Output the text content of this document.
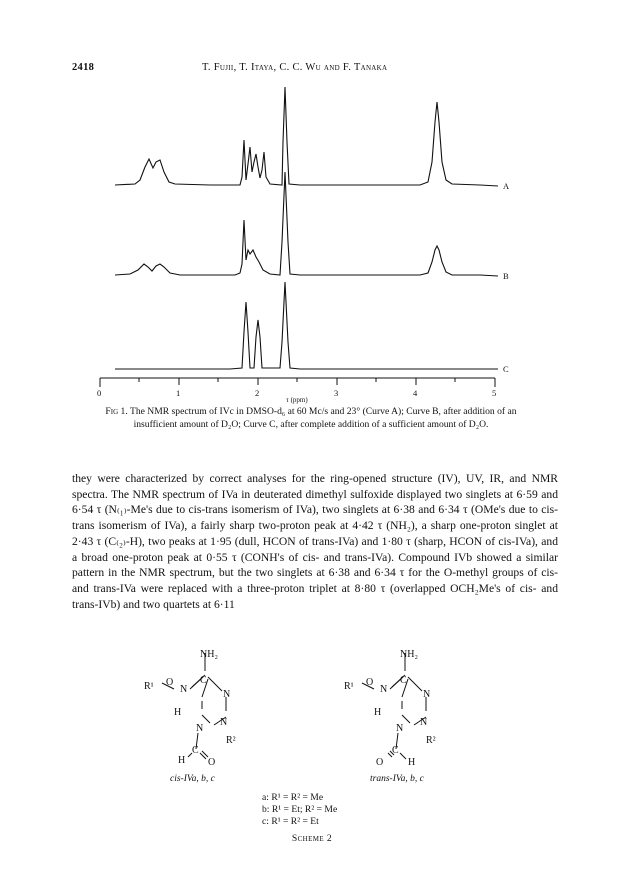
2418	T. Fujii, T. Itaya, C. C. Wu and F. Tanaka
A
B
C
0	1	2	3	4	5
τ (ppm)
Fig 1. The NMR spectrum of IVc in DMSO-d₆ at 60 Mc/s and 23° (Curve A); Curve B, after addition of an insufficient amount of D₂O; Curve C, after complete addition of a sufficient amount of D₂O.

they were characterized by correct analyses for the ring-opened structure (IV), UV, IR, and NMR spectra. The NMR spectrum of IVa in deuterated dimethyl sulfoxide displayed two singlets at 6·59 and 6·54 τ (N₍₁₎-Me's due to cis-trans isomerism of IVa), two singlets at 6·38 and 6·34 τ (OMe's due to cis-trans isomerism of IVa), a fairly sharp two-proton peak at 4·42 τ (NH₂), a sharp one-proton singlet at 2·43 τ (C₍₂₎-H), two peaks at 1·95 (dull, HCON of trans-IVa) and 1·80 τ (sharp, HCON of cis-IVa), and a broad one-proton peak at 0·55 τ (CONH's of cis- and trans-IVa). Compound IVb showed a similar pattern in the NMR spectrum, but the two singlets at 6·38 and 6·34 τ for the O-methyl groups of cis- and trans-IVa were replaced with a three-proton triplet at 8·80 τ (overlapped OCH₂Me's of cis- and trans-IVb) and two quartets at 6·11

NH₂
R¹ O
N
C
N
H
N
N
R²
C
H O
cis-IVa, b, c
NH₂
R¹ O
N
C
N
H
N
N
R²
C
O H
trans-IVa, b, c
a: R¹ = R² = Me
b: R¹ = Et; R² = Me
c: R¹ = R² = Et
Scheme 2
